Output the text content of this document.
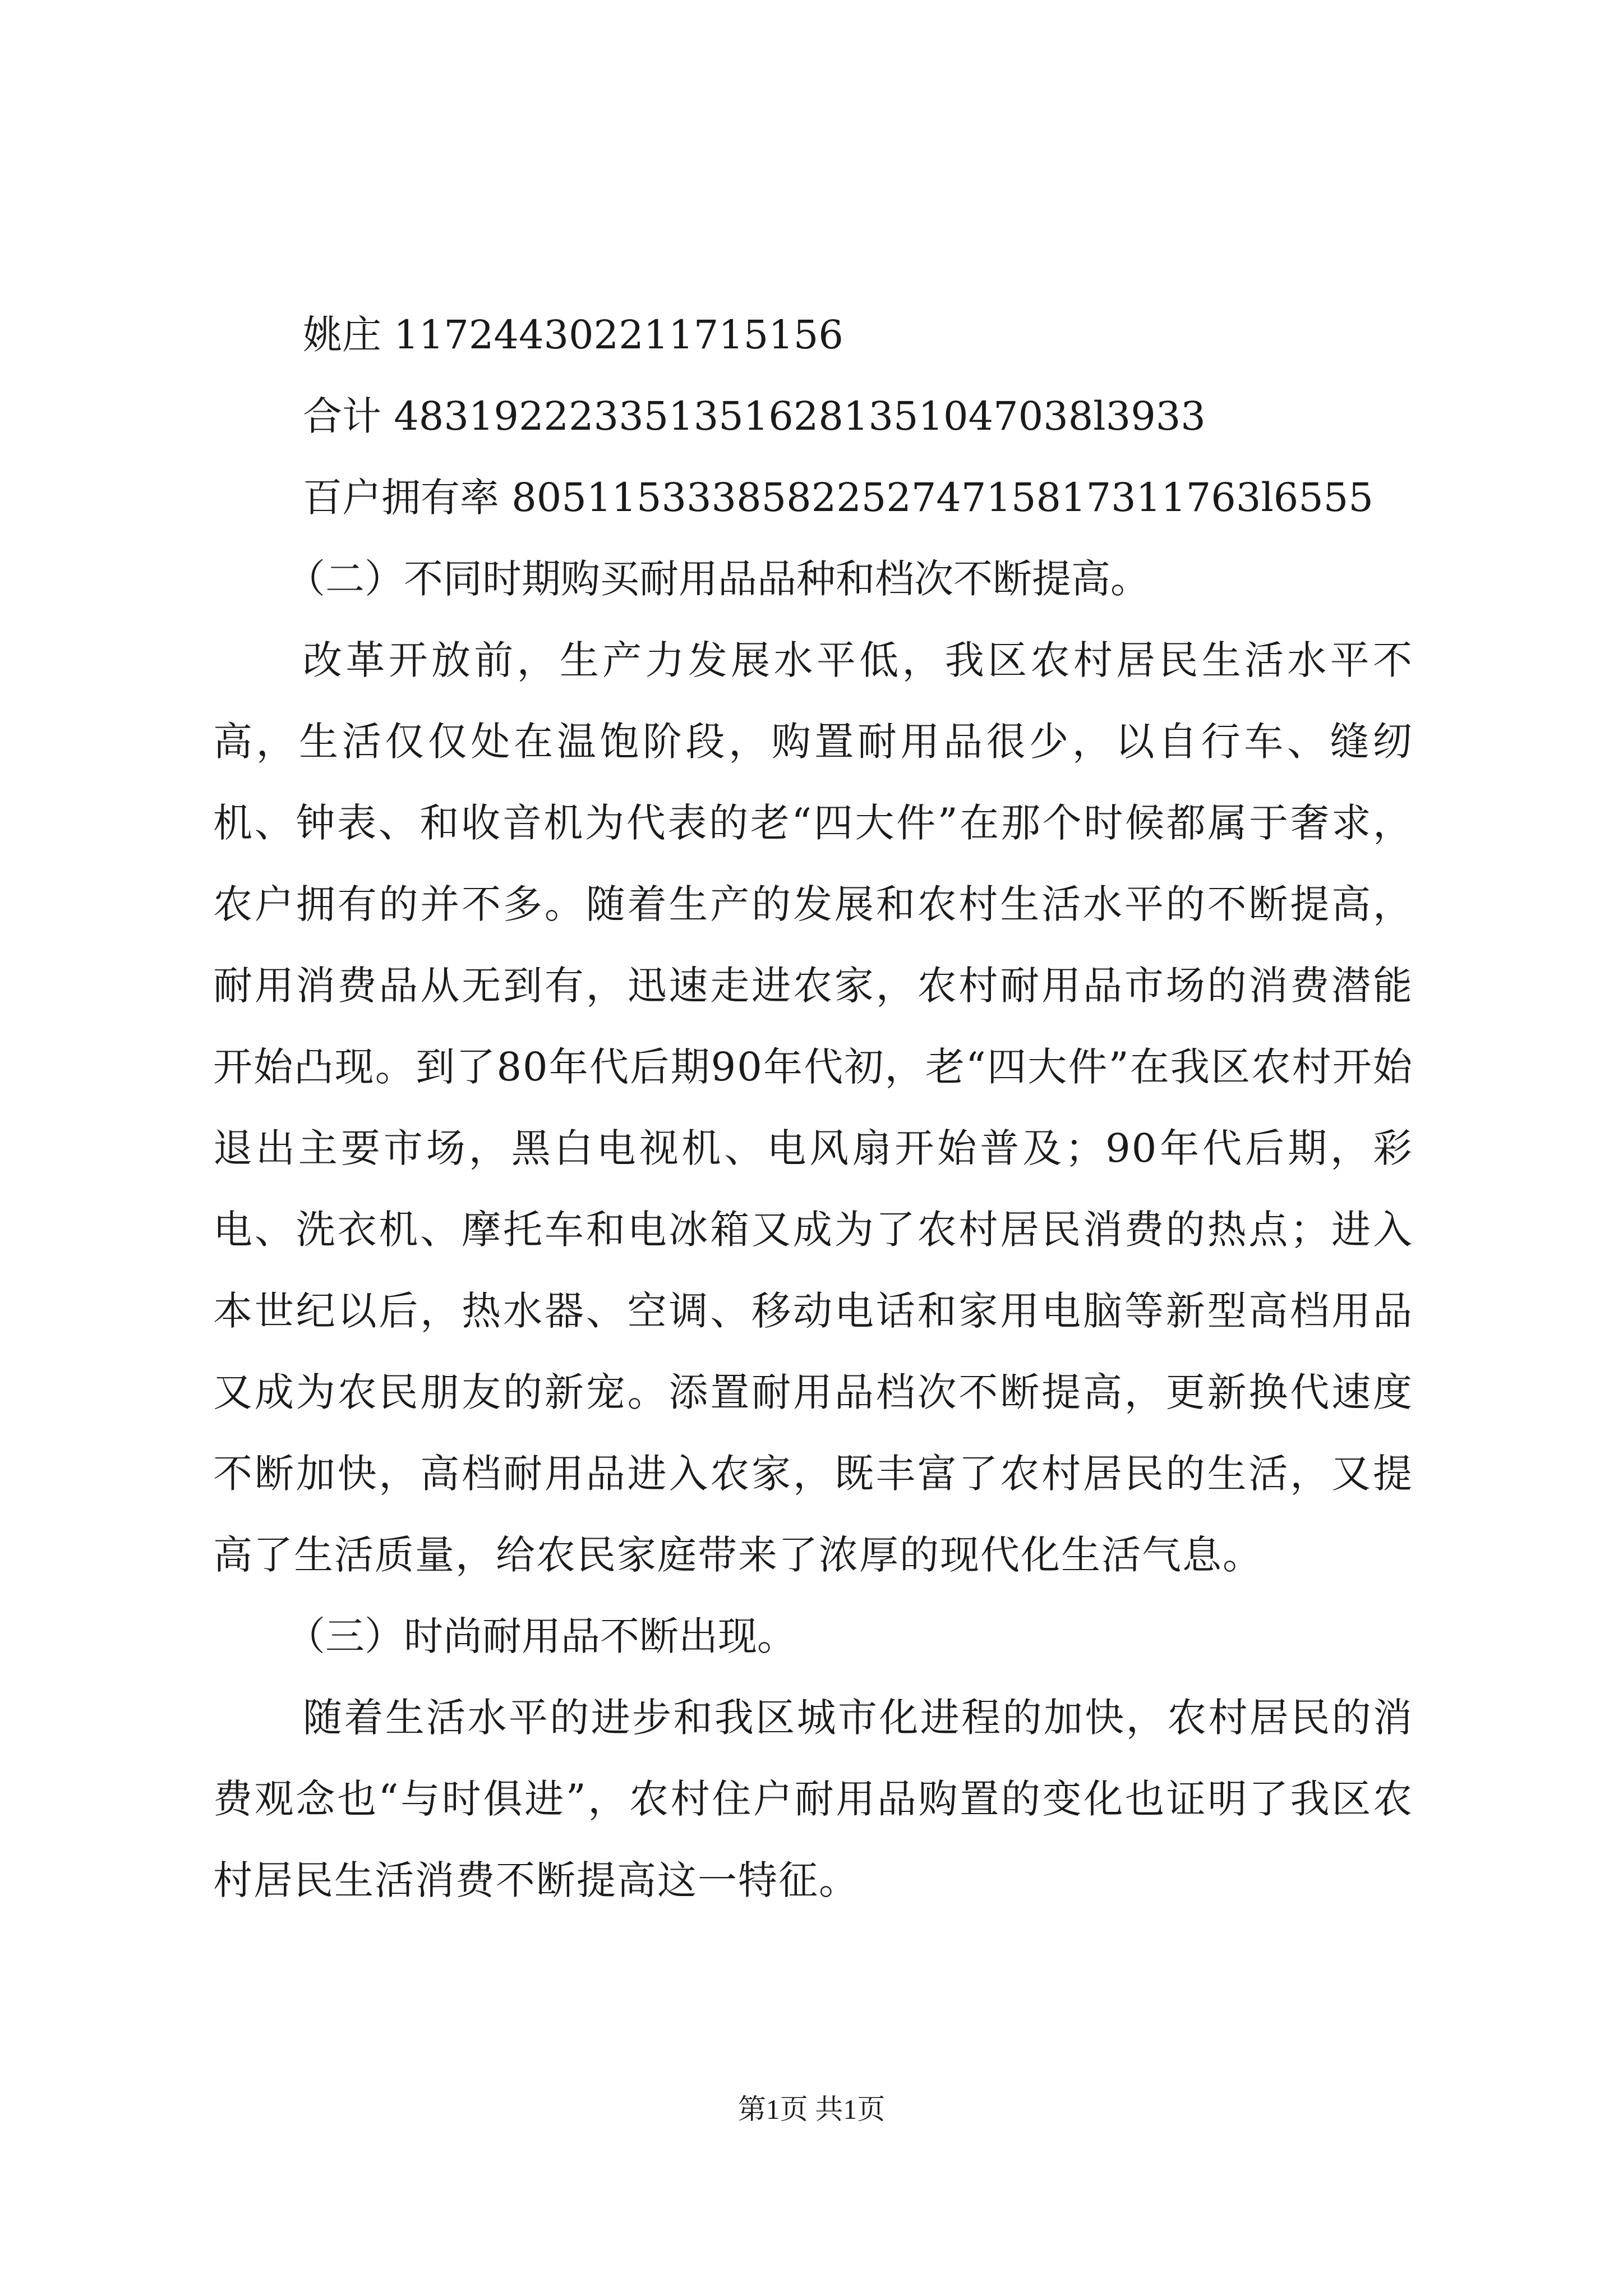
姚庄 117244302211715156
合计 4831922233513516281351047038l3933
百户拥有率 805115333858225274715817311763l6555
（二）不同时期购买耐用品品种和档次不断提高。

改革开放前，生产力发展水平低，我区农村居民生活水平不高，生活仅仅处在温饱阶段，购置耐用品很少，以自行车、缝纫机、钟表、和收音机为代表的老“四大件”在那个时候都属于奢求，农户拥有的并不多。随着生产的发展和农村生活水平的不断提高，耐用消费品从无到有，迅速走进农家，农村耐用品市场的消费潜能开始凸现。到了80年代后期90年代初，老“四大件”在我区农村开始退出主要市场，黑白电视机、电风扇开始普及；90年代后期，彩电、洗衣机、摩托车和电冰箱又成为了农村居民消费的热点；进入本世纪以后，热水器、空调、移动电话和家用电脑等新型高档用品又成为农民朋友的新宠。添置耐用品档次不断提高，更新换代速度不断加快，高档耐用品进入农家，既丰富了农村居民的生活，又提高了生活质量，给农民家庭带来了浓厚的现代化生活气息。

（三）时尚耐用品不断出现。

随着生活水平的进步和我区城市化进程的加快，农村居民的消费观念也“与时俱进”，农村住户耐用品购置的变化也证明了我区农村居民生活消费不断提高这一特征。

第1页 共1页
